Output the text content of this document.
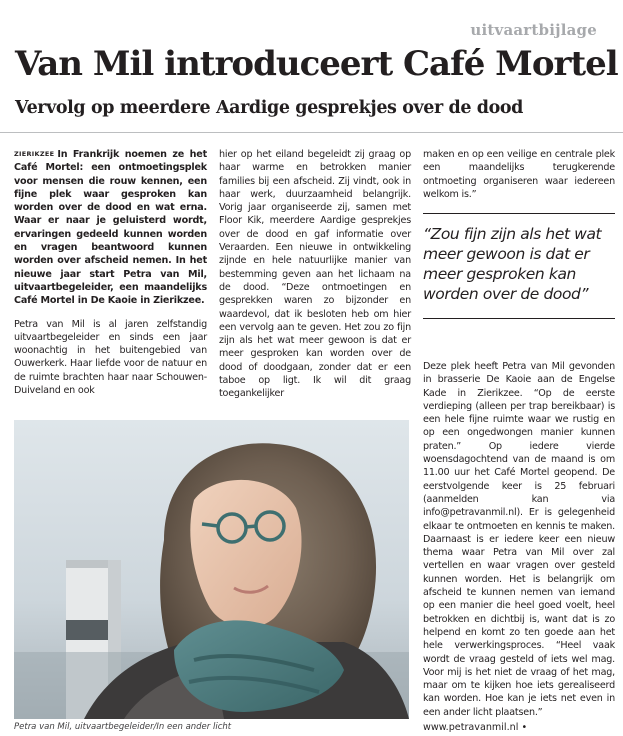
uitvaartbijlage
Van Mil introduceert Café Mortel
Vervolg op meerdere Aardige gesprekjes over de dood

ZIERIKZEE In Frankrijk noemen ze het Café Mortel: een ontmoetingsplek voor mensen die rouw kennen, een fijne plek waar gesproken kan worden over de dood en wat erna. Waar er naar je geluisterd wordt, ervaringen gedeeld kunnen worden en vragen beantwoord kunnen worden over afscheid nemen. In het nieuwe jaar start Petra van Mil, uitvaartbegeleider, een maandelijks Café Mortel in De Kaoie in Zierikzee.

Petra van Mil is al jaren zelfstandig uitvaartbegeleider en sinds een jaar woonachtig in het buitengebied van Ouwerkerk. Haar liefde voor de natuur en de ruimte brachten haar naar Schouwen-Duiveland en ook

hier op het eiland begeleidt zij graag op haar warme en betrokken manier families bij een afscheid. Zij vindt, ook in haar werk, duurzaamheid belangrijk. Vorig jaar organiseerde zij, samen met Floor Kik, meerdere Aardige gesprekjes over de dood en gaf informatie over Veraarden. Een nieuwe in ontwikkeling zijnde en hele natuurlijke manier van bestemming geven aan het lichaam na de dood. “Deze ontmoetingen en gesprekken waren zo bijzonder en waardevol, dat ik besloten heb om hier een vervolg aan te geven. Het zou zo fijn zijn als het wat meer gewoon is dat er meer gesproken kan worden over de dood of doodgaan, zonder dat er een taboe op ligt. Ik wil dit graag toegankelijker

maken en op een veilige en centrale plek een maandelijks terugkerende ontmoeting organiseren waar iedereen welkom is.”

“Zou fijn zijn als het wat meer gewoon is dat er meer gesproken kan worden over de dood”

Deze plek heeft Petra van Mil gevonden in brasserie De Kaoie aan de Engelse Kade in Zierikzee. “Op de eerste verdieping (alleen per trap bereikbaar) is een hele fijne ruimte waar we rustig en op een ongedwongen manier kunnen praten.” Op iedere vierde woensdagochtend van de maand is om 11.00 uur het Café Mortel geopend. De eerstvolgende keer is 25 februari (aanmelden kan via info@petravanmil.nl). Er is gelegenheid elkaar te ontmoeten en kennis te maken. Daarnaast is er iedere keer een nieuw thema waar Petra van Mil over zal vertellen en waar vragen over gesteld kunnen worden. Het is belangrijk om afscheid te kunnen nemen van iemand op een manier die heel goed voelt, heel betrokken en dichtbij is, want dat is zo helpend en komt zo ten goede aan het hele verwerkingsproces. “Heel vaak wordt de vraag gesteld of iets wel mag. Voor mij is het niet de vraag of het mag, maar om te kijken hoe iets gerealiseerd kan worden. Hoe kan je iets net even in een ander licht plaatsen.”

Petra van Mil, uitvaartbegeleider/In een ander licht	www.petravanmil.nl •
